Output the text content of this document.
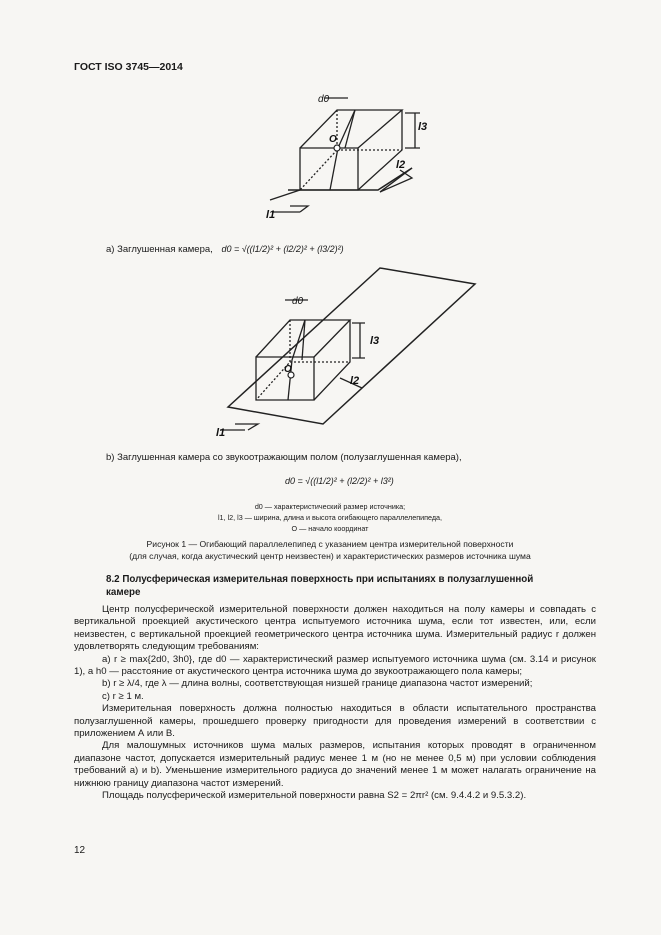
ГОСТ ISO 3745—2014
d0
O
l3
l2
l1
d0
O
l3
l2
l1
а) Заглушенная камера, d0 = √((l1/2)² + (l2/2)² + (l3/2)²)
b) Заглушенная камера со звукоотражающим полом (полузаглушенная камера),
d0 = √((l1/2)² + (l2/2)² + l3²)
d0 — характеристический размер источника;
l1, l2, l3 — ширина, длина и высота огибающего параллелепипеда,
О — начало координат
Рисунок 1 — Огибающий параллелепипед с указанием центра измерительной поверхности
(для случая, когда акустический центр неизвестен) и характеристических размеров источника шума
8.2 Полусферическая измерительная поверхность при испытаниях в полузаглушенной
камере

Центр полусферической измерительной поверхности должен находиться на полу камеры и совпадать с вертикальной проекцией акустического центра испытуемого источника шума, если тот известен, или, если неизвестен, с вертикальной проекцией геометрического центра источника шума. Измерительный радиус r должен удовлетворять следующим требованиям:

а) r ≥ max{2d0, 3h0}, где d0 — характеристический размер испытуемого источника шума (см. 3.14 и рисунок 1), а h0 — расстояние от акустического центра источника шума до звукоотражающего пола камеры;

b) r ≥ λ/4, где λ — длина волны, соответствующая низшей границе диапазона частот измерений;

с) r ≥ 1 м.

Измерительная поверхность должна полностью находиться в области испытательного пространства полузаглушенной камеры, прошедшего проверку пригодности для проведения измерений в соответствии с приложением А или В.

Для малошумных источников шума малых размеров, испытания которых проводят в ограниченном диапазоне частот, допускается измерительный радиус менее 1 м (но не менее 0,5 м) при условии соблюдения требований а) и b). Уменьшение измерительного радиуса до значений менее 1 м может налагать ограничение на нижнюю границу диапазона частот измерений.

Площадь полусферической измерительной поверхности равна S2 = 2πr² (см. 9.4.4.2 и 9.5.3.2).

12
